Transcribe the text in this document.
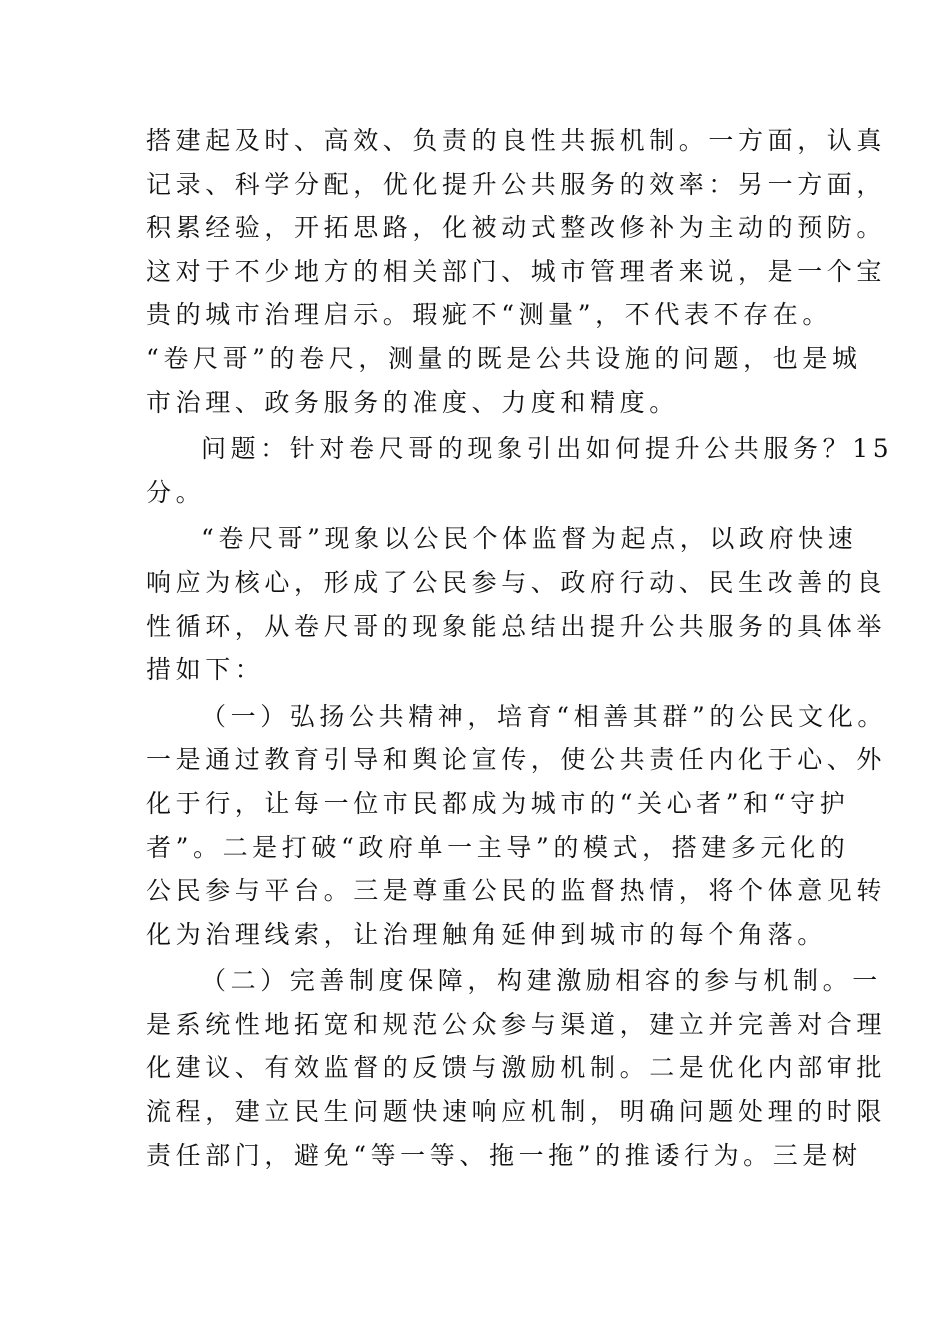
搭建起及时、高效、负责的良性共振机制。一方面，认真
记录、科学分配，优化提升公共服务的效率：另一方面，
积累经验，开拓思路，化被动式整改修补为主动的预防。
这对于不少地方的相关部门、城市管理者来说，是一个宝
贵的城市治理启示。瑕疵不“测量”，不代表不存在。
“卷尺哥”的卷尺，测量的既是公共设施的问题，也是城
市治理、政务服务的准度、力度和精度。
问题：针对卷尺哥的现象引出如何提升公共服务？15
分。
“卷尺哥”现象以公民个体监督为起点，以政府快速
响应为核心，形成了公民参与、政府行动、民生改善的良
性循环，从卷尺哥的现象能总结出提升公共服务的具体举
措如下：
（一）弘扬公共精神，培育“相善其群”的公民文化。
一是通过教育引导和舆论宣传，使公共责任内化于心、外
化于行，让每一位市民都成为城市的“关心者”和“守护
者”。二是打破“政府单一主导”的模式，搭建多元化的
公民参与平台。三是尊重公民的监督热情，将个体意见转
化为治理线索，让治理触角延伸到城市的每个角落。
（二）完善制度保障，构建激励相容的参与机制。一
是系统性地拓宽和规范公众参与渠道，建立并完善对合理
化建议、有效监督的反馈与激励机制。二是优化内部审批
流程，建立民生问题快速响应机制，明确问题处理的时限
责任部门，避免“等一等、拖一拖”的推诿行为。三是树
